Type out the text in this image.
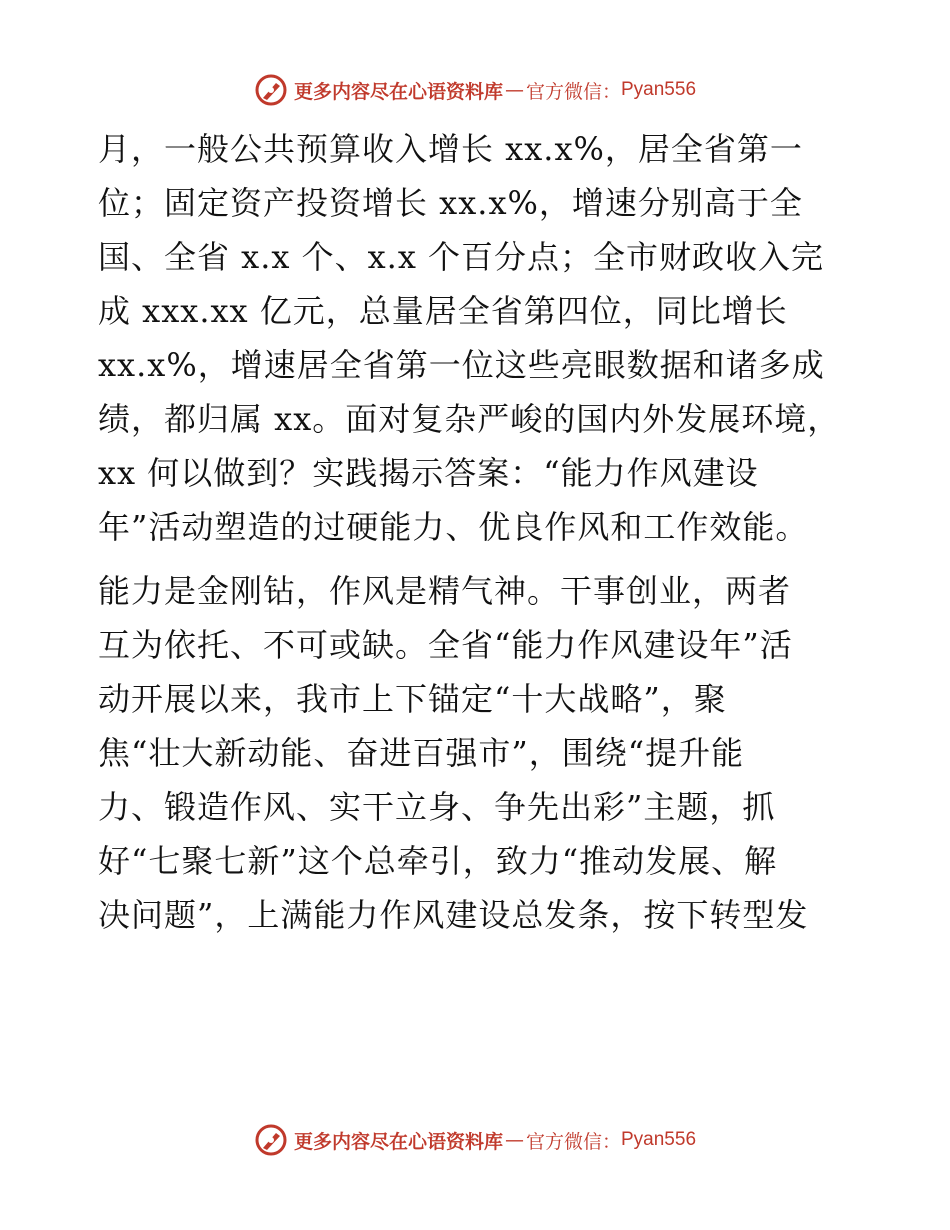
更多内容尽在心语资料库 — 官方微信： Pyan556
月，一般公共预算收入增长 xx.x%，居全省第一
位；固定资产投资增长 xx.x%，增速分别高于全
国、全省 x.x 个、x.x 个百分点；全市财政收入完
成 xxx.xx 亿元，总量居全省第四位，同比增长
xx.x%，增速居全省第一位这些亮眼数据和诸多成
绩，都归属 xx。面对复杂严峻的国内外发展环境，
xx 何以做到？实践揭示答案：“能力作风建设
年”活动塑造的过硬能力、优良作风和工作效能。
能力是金刚钻，作风是精气神。干事创业，两者
互为依托、不可或缺。全省“能力作风建设年”活
动开展以来，我市上下锚定“十大战略”，聚
焦“壮大新动能、奋进百强市”，围绕“提升能
力、锻造作风、实干立身、争先出彩”主题，抓
好“七聚七新”这个总牵引，致力“推动发展、解
决问题”，上满能力作风建设总发条，按下转型发
更多内容尽在心语资料库 — 官方微信： Pyan556
